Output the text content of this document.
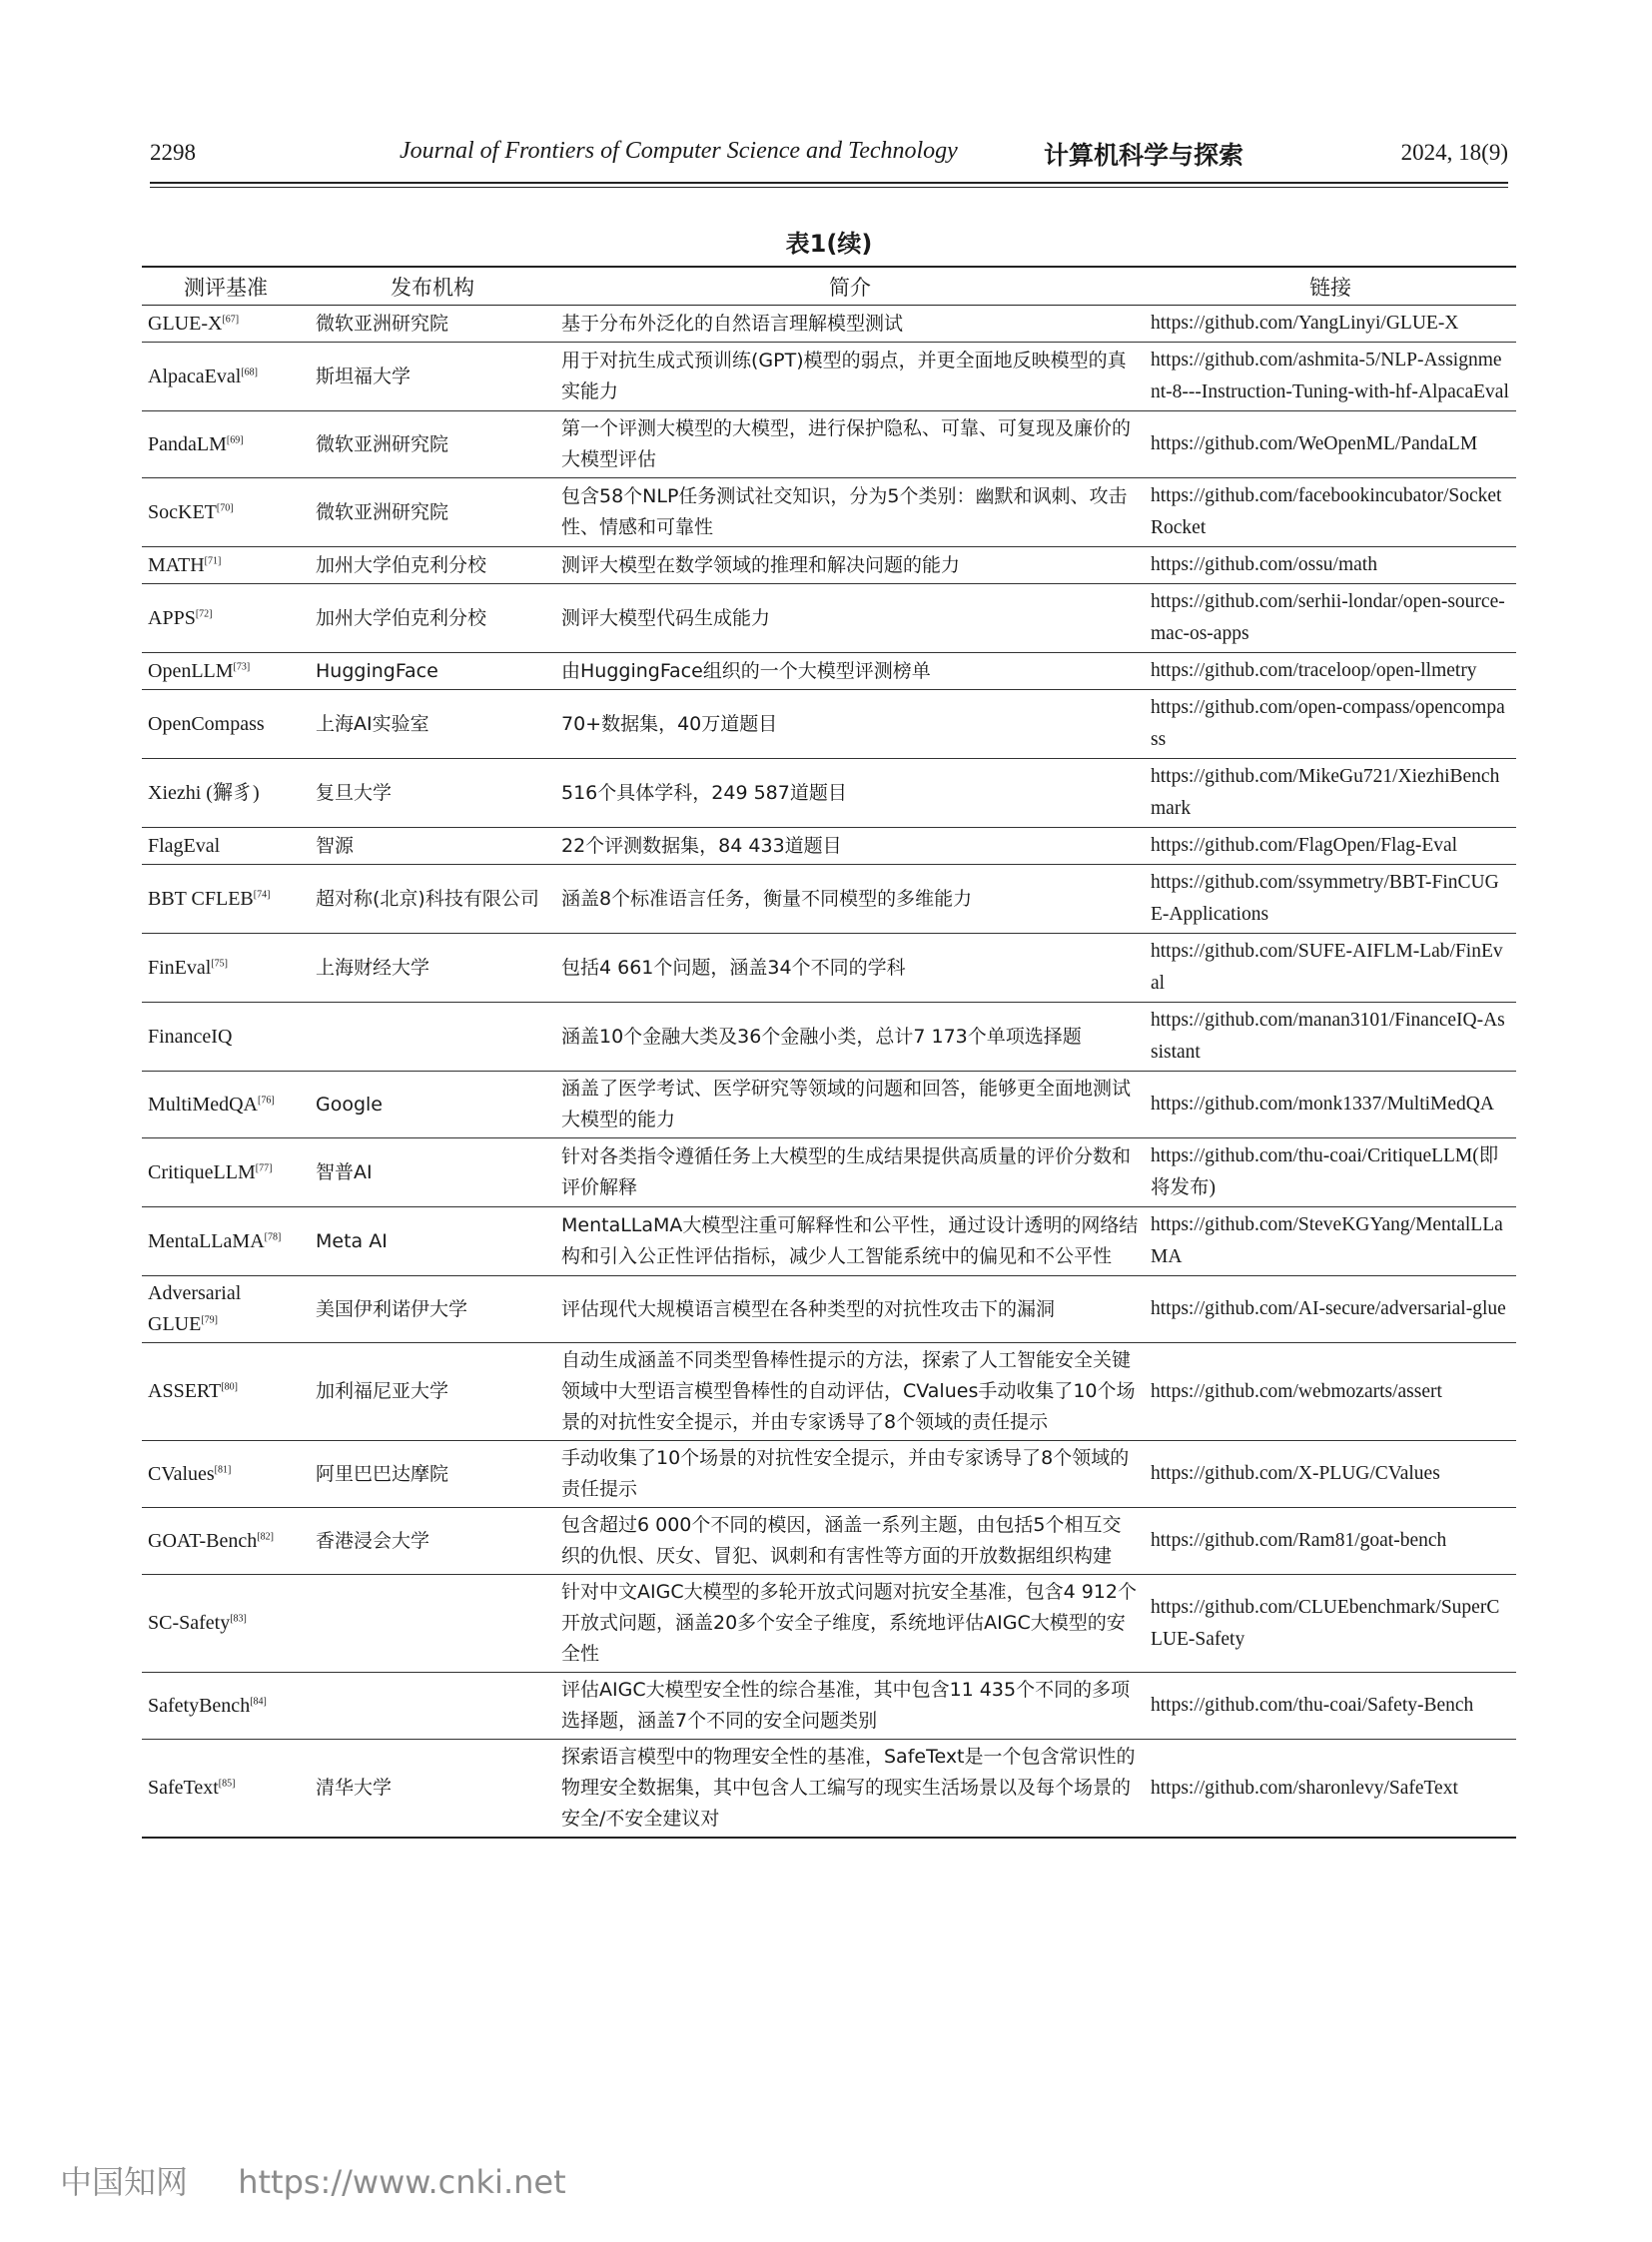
2298	Journal of Frontiers of Computer Science and Technology	计算机科学与探索	2024, 18(9)
表1(续)
测评基准	发布机构	简介	链接
GLUE-X[67]	微软亚洲研究院	基于分布外泛化的自然语言理解模型测试	https://github.com/YangLinyi/GLUE-X
AlpacaEval[68]	斯坦福大学	用于对抗生成式预训练(GPT)模型的弱点，并更全面地反映模型的真实能力	https://github.com/ashmita-5/NLP-Assignment-8---Instruction-Tuning-with-hf-AlpacaEval
PandaLM[69]	微软亚洲研究院	第一个评测大模型的大模型，进行保护隐私、可靠、可复现及廉价的大模型评估	https://github.com/WeOpenML/PandaLM
SocKET[70]	微软亚洲研究院	包含58个NLP任务测试社交知识，分为5个类别：幽默和讽刺、攻击性、情感和可靠性	https://github.com/facebookincubator/SocketRocket
MATH[71]	加州大学伯克利分校	测评大模型在数学领域的推理和解决问题的能力	https://github.com/ossu/math
APPS[72]	加州大学伯克利分校	测评大模型代码生成能力	https://github.com/serhii-londar/open-source-mac-os-apps
OpenLLM[73]	HuggingFace	由HuggingFace组织的一个大模型评测榜单	https://github.com/traceloop/open-llmetry
OpenCompass	上海AI实验室	70+数据集，40万道题目	https://github.com/open-compass/opencompass
Xiezhi (獬豸)	复旦大学	516个具体学科，249 587道题目	https://github.com/MikeGu721/XiezhiBenchmark
FlagEval	智源	22个评测数据集，84 433道题目	https://github.com/FlagOpen/Flag-Eval
BBT CFLEB[74]	超对称(北京)科技有限公司	涵盖8个标准语言任务，衡量不同模型的多维能力	https://github.com/ssymmetry/BBT-FinCUGE-Applications
FinEval[75]	上海财经大学	包括4 661个问题，涵盖34个不同的学科	https://github.com/SUFE-AIFLM-Lab/FinEval
FinanceIQ		涵盖10个金融大类及36个金融小类，总计7 173个单项选择题	https://github.com/manan3101/FinanceIQ-Assistant
MultiMedQA[76]	Google	涵盖了医学考试、医学研究等领域的问题和回答，能够更全面地测试大模型的能力	https://github.com/monk1337/MultiMedQA
CritiqueLLM[77]	智普AI	针对各类指令遵循任务上大模型的生成结果提供高质量的评价分数和评价解释	https://github.com/thu-coai/CritiqueLLM(即将发布)
MentaLLaMA[78]	Meta AI	MentaLLaMA大模型注重可解释性和公平性，通过设计透明的网络结构和引入公正性评估指标，减少人工智能系统中的偏见和不公平性	https://github.com/SteveKGYang/MentalLLaMA
Adversarial GLUE[79]	美国伊利诺伊大学	评估现代大规模语言模型在各种类型的对抗性攻击下的漏洞	https://github.com/AI-secure/adversarial-glue
ASSERT[80]	加利福尼亚大学	自动生成涵盖不同类型鲁棒性提示的方法，探索了人工智能安全关键领域中大型语言模型鲁棒性的自动评估，CValues手动收集了10个场景的对抗性安全提示，并由专家诱导了8个领域的责任提示	https://github.com/webmozarts/assert
CValues[81]	阿里巴巴达摩院	手动收集了10个场景的对抗性安全提示，并由专家诱导了8个领域的责任提示	https://github.com/X-PLUG/CValues
GOAT-Bench[82]	香港浸会大学	包含超过6 000个不同的模因，涵盖一系列主题，由包括5个相互交织的仇恨、厌女、冒犯、讽刺和有害性等方面的开放数据组织构建	https://github.com/Ram81/goat-bench
SC-Safety[83]		针对中文AIGC大模型的多轮开放式问题对抗安全基准，包含4 912个开放式问题，涵盖20多个安全子维度，系统地评估AIGC大模型的安全性	https://github.com/CLUEbenchmark/SuperCLUE-Safety
SafetyBench[84]		评估AIGC大模型安全性的综合基准，其中包含11 435个不同的多项选择题，涵盖7个不同的安全问题类别	https://github.com/thu-coai/Safety-Bench
SafeText[85]	清华大学	探索语言模型中的物理安全性的基准，SafeText是一个包含常识性的物理安全数据集，其中包含人工编写的现实生活场景以及每个场景的安全/不安全建议对	https://github.com/sharonlevy/SafeText
中国知网 https://www.cnki.net
